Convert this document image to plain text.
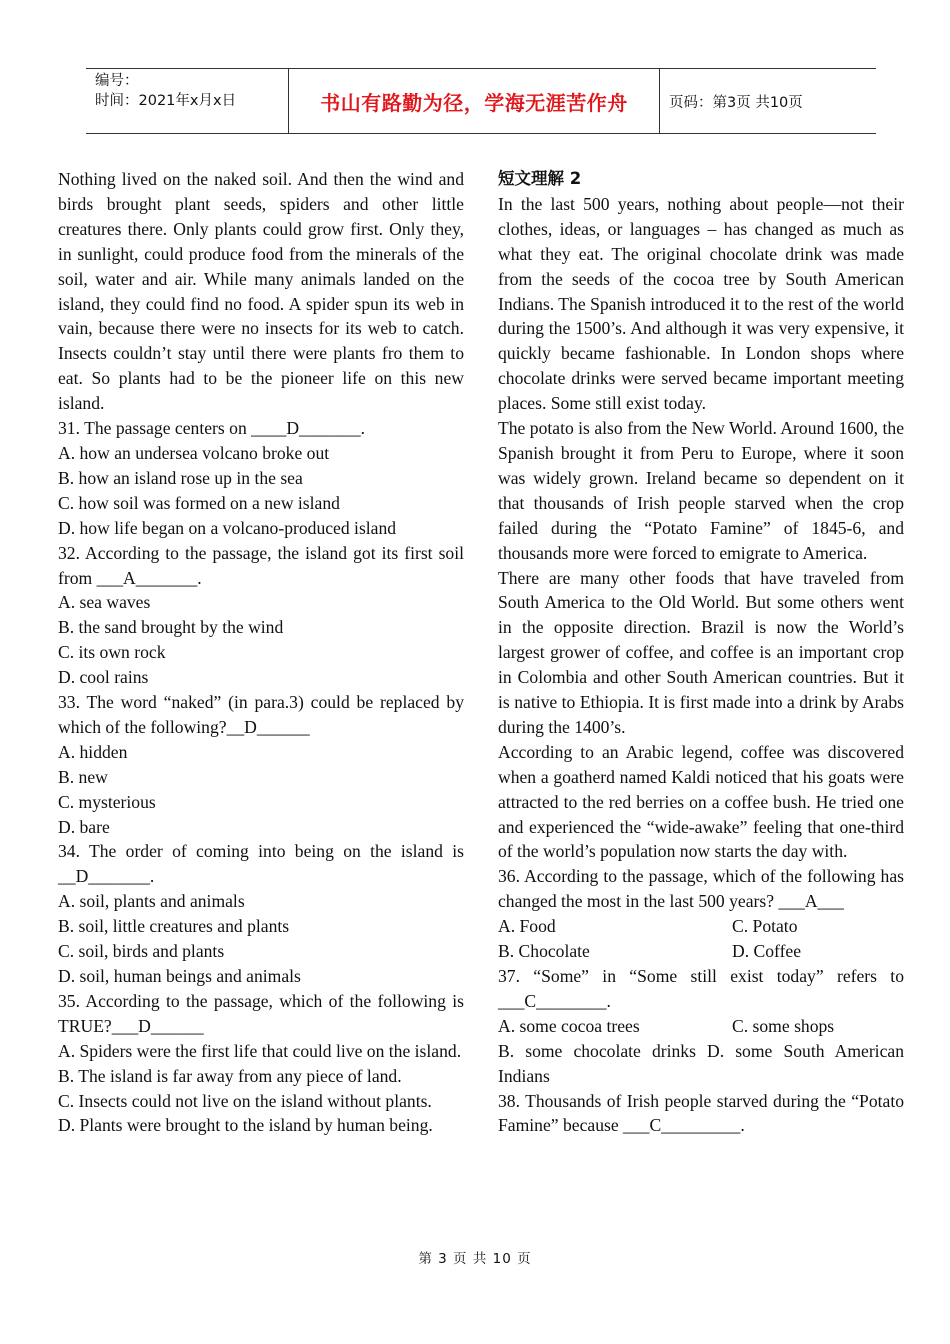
编号：
时间：2021年x月x日	书山有路勤为径，学海无涯苦作舟	页码：第3页 共10页

Nothing lived on the naked soil. And then the wind and birds brought plant seeds, spiders and other little creatures there. Only plants could grow first. Only they, in sunlight, could produce food from the minerals of the soil, water and air. While many animals landed on the island, they could find no food. A spider spun its web in vain, because there were no insects for its web to catch. Insects couldn’t stay until there were plants fro them to eat. So plants had to be the pioneer life on this new island.

31. The passage centers on ____D_______.

A. how an undersea volcano broke out

B. how an island rose up in the sea

C. how soil was formed on a new island

D. how life began on a volcano-produced island

32. According to the passage, the island got its first soil from ___A_______.

A. sea waves

B. the sand brought by the wind

C. its own rock

D. cool rains

33. The word “naked” (in para.3) could be replaced by which of the following?__D______

A. hidden

B. new

C. mysterious

D. bare

34. The order of coming into being on the island is __D_______.

A. soil, plants and animals

B. soil, little creatures and plants

C. soil, birds and plants

D. soil, human beings and animals

35. According to the passage, which of the following is TRUE?___D______

A. Spiders were the first life that could live on the island.

B. The island is far away from any piece of land.

C. Insects could not live on the island without plants.

D. Plants were brought to the island by human being.

短文理解 2

In the last 500 years, nothing about people—not their clothes, ideas, or languages – has changed as much as what they eat. The original chocolate drink was made from the seeds of the cocoa tree by South American Indians. The Spanish introduced it to the rest of the world during the 1500’s. And although it was very expensive, it quickly became fashionable. In London shops where chocolate drinks were served became important meeting places. Some still exist today.

The potato is also from the New World. Around 1600, the Spanish brought it from Peru to Europe, where it soon was widely grown. Ireland became so dependent on it that thousands of Irish people starved when the crop failed during the “Potato Famine” of 1845-6, and thousands more were forced to emigrate to America.

There are many other foods that have traveled from South America to the Old World. But some others went in the opposite direction. Brazil is now the World’s largest grower of coffee, and coffee is an important crop in Colombia and other South American countries. But it is native to Ethiopia. It is first made into a drink by Arabs during the 1400’s.

According to an Arabic legend, coffee was discovered when a goatherd named Kaldi noticed that his goats were attracted to the red berries on a coffee bush. He tried one and experienced the “wide-awake” feeling that one-third of the world’s population now starts the day with.

36. According to the passage, which of the following has changed the most in the last 500 years? ___A___

A. Food	C. Potato

B. Chocolate	D. Coffee

37. “Some” in “Some still exist today” refers to ___C________.

A. some cocoa trees	C. some shops

B. some chocolate drinks D. some South American Indians

38. Thousands of Irish people starved during the “Potato Famine” because ___C_________.

第 3 页 共 10 页
